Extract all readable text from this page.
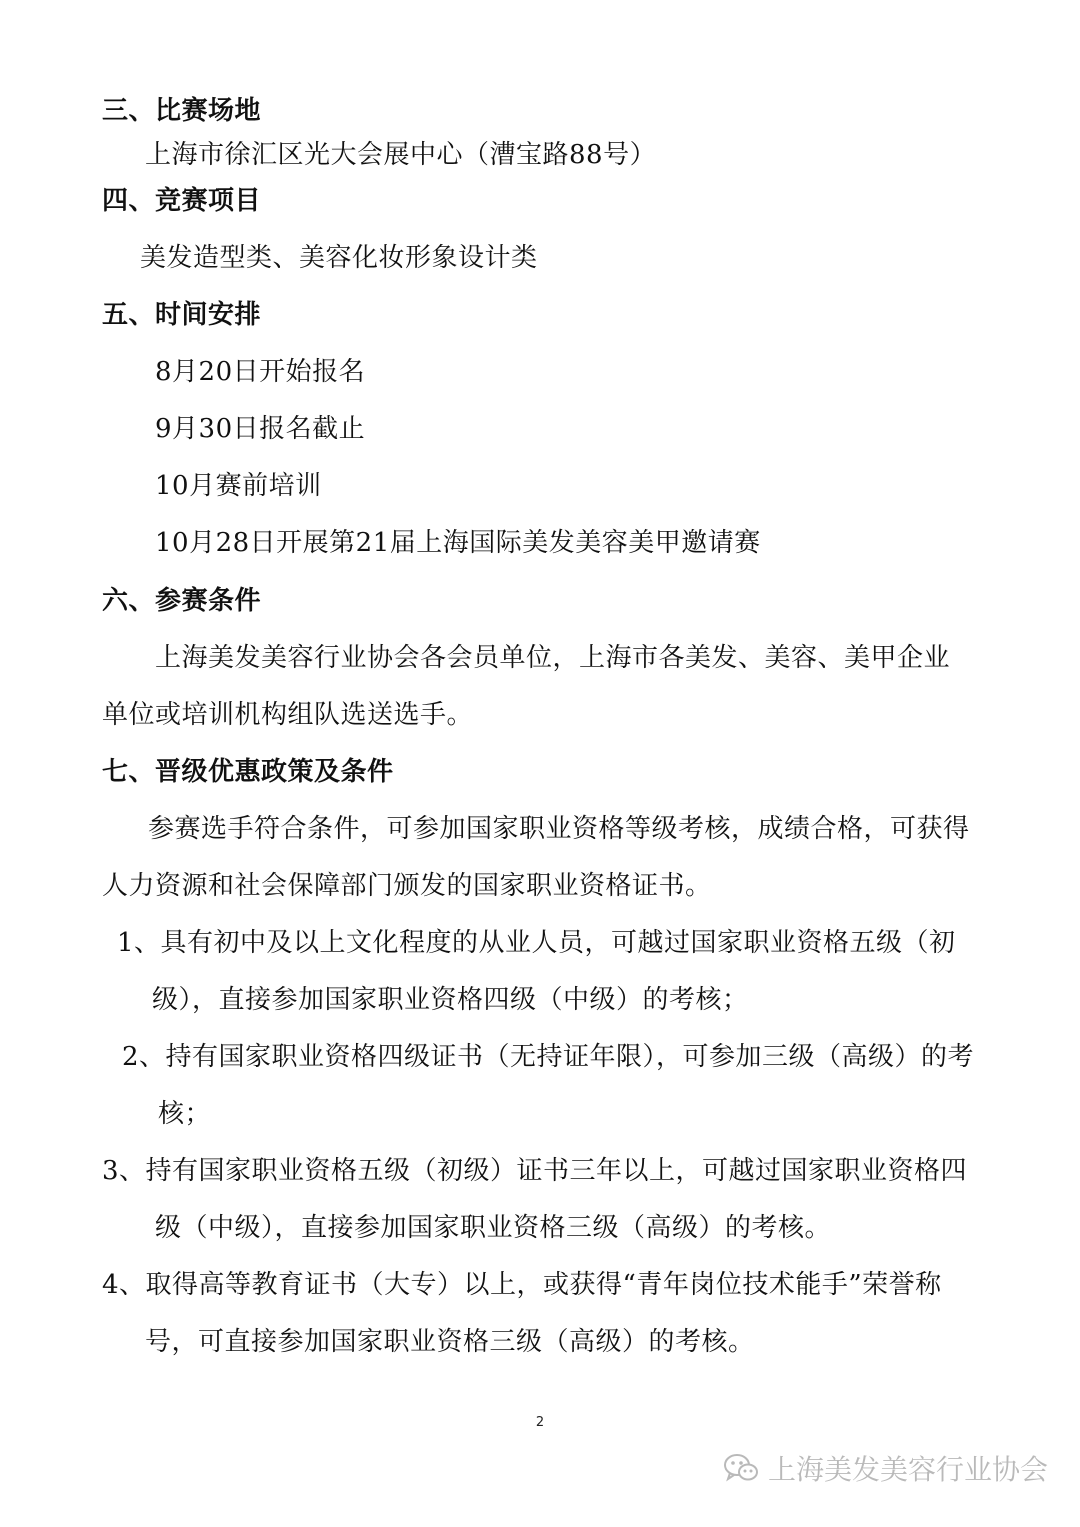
三、比赛场地
上海市徐汇区光大会展中心（漕宝路88号）
四、竞赛项目
美发造型类、美容化妆形象设计类
五、时间安排
8月20日开始报名
9月30日报名截止
10月赛前培训
10月28日开展第21届上海国际美发美容美甲邀请赛
六、参赛条件
上海美发美容行业协会各会员单位，上海市各美发、美容、美甲企业
单位或培训机构组队选送选手。
七、晋级优惠政策及条件
参赛选手符合条件，可参加国家职业资格等级考核，成绩合格，可获得
人力资源和社会保障部门颁发的国家职业资格证书。
1、具有初中及以上文化程度的从业人员，可越过国家职业资格五级（初
级），直接参加国家职业资格四级（中级）的考核；
2、持有国家职业资格四级证书（无持证年限），可参加三级（高级）的考
核；
3、持有国家职业资格五级（初级）证书三年以上，可越过国家职业资格四
级（中级），直接参加国家职业资格三级（高级）的考核。
4、取得高等教育证书（大专）以上，或获得“青年岗位技术能手”荣誉称
号，可直接参加国家职业资格三级（高级）的考核。
2
上海美发美容行业协会
